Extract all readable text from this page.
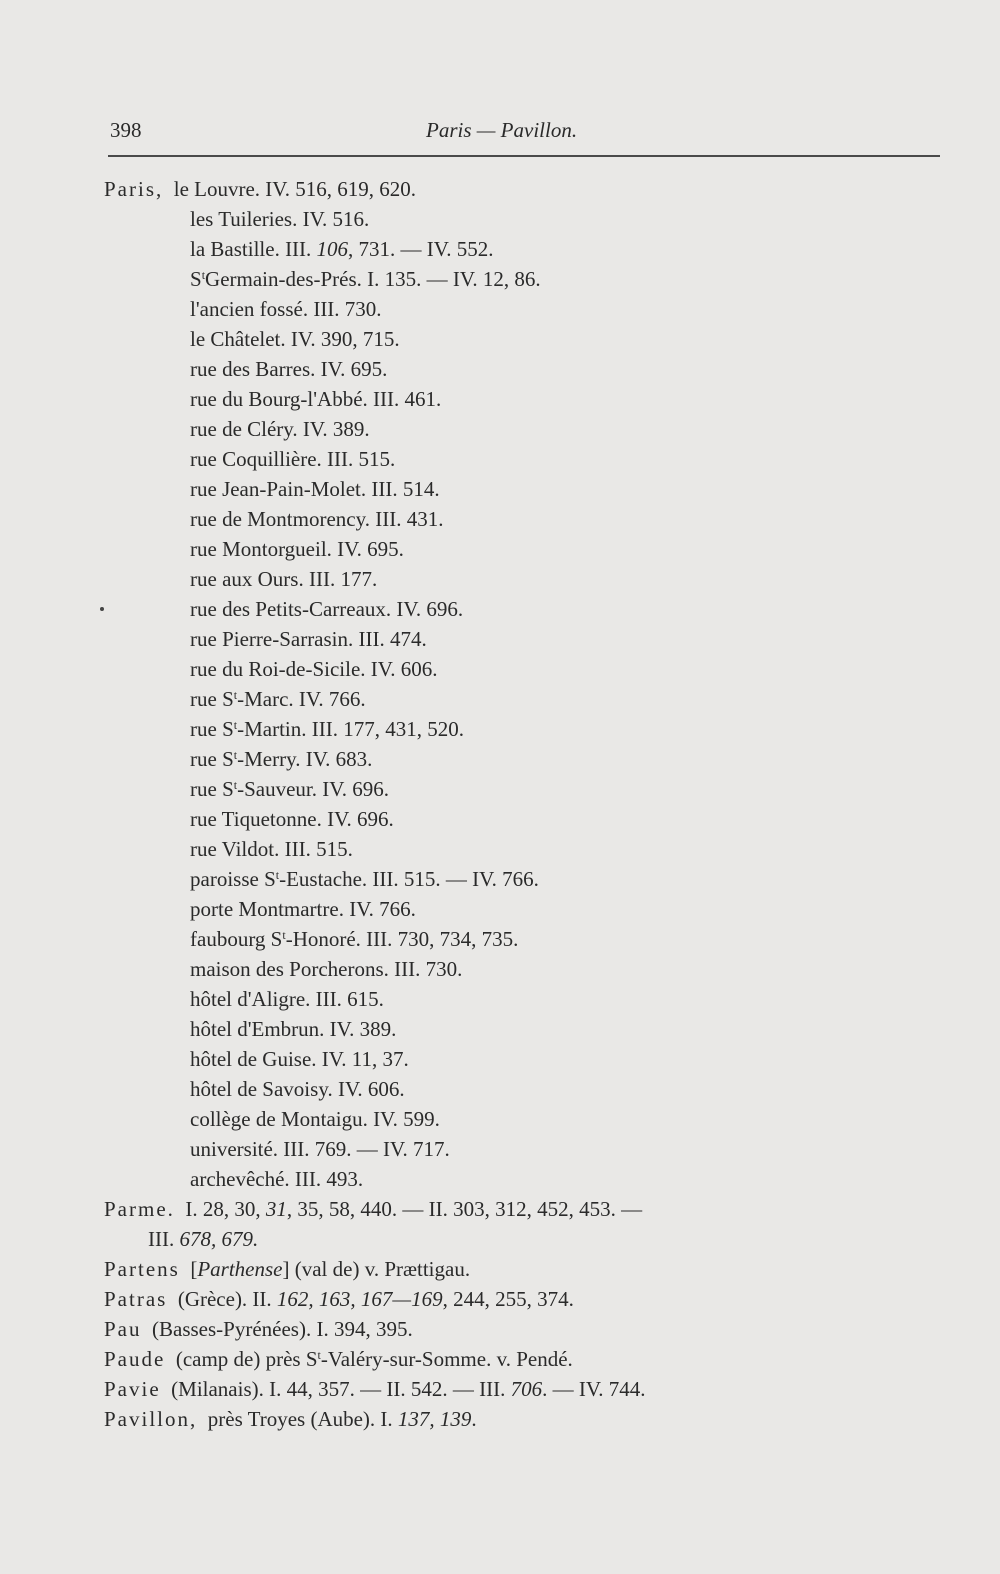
398	Paris — Pavillon.
Paris, le Louvre. IV. 516, 619, 620.
les Tuileries. IV. 516.
la Bastille. III. 106, 731. — IV. 552.
$S^tGermain-des$-Prés. I. 135. — IV. 12, 86.
l'ancien fossé. III. 730.
le Châtelet. IV. 390, 715.
rue des Barres. IV. 695.
rue du Bourg-l'Abbé. III. 461.
rue de Cléry. IV. 389.
rue Coquillière. III. 515.
rue Jean-Pain-Molet. III. 514.
rue de Montmorency. III. 431.
rue Montorgueil. IV. 695.
rue aux Ours. III. 177.
rue des Petits-Carreaux. IV. 696.
rue Pierre-Sarrasin. III. 474.
rue du Roi-de-Sicile. IV. 606.
rue $S^t$-Marc. IV. 766.
rue $S^t$-Martin. III. 177, 431, 520.
rue $S^t$-Merry. IV. 683.
rue $S^t$-Sauveur. IV. 696.
rue Tiquetonne. IV. 696.
rue Vildot. III. 515.
paroisse $S^t$-Eustache. III. 515. — IV. 766.
porte Montmartre. IV. 766.
faubourg $S^t$-Honoré. III. 730, 734, 735.
maison des Porcherons. III. 730.
hôtel d'Aligre. III. 615.
hôtel d'Embrun. IV. 389.
hôtel de Guise. IV. 11, 37.
hôtel de Savoisy. IV. 606.
collège de Montaigu. IV. 599.
université. III. 769. — IV. 717.
archevêché. III. 493.
Parme. I. 28, 30, 31, 35, 58, 440. — II. 303, 312, 452, 453. —
III. 678, 679.
Partens [Parthense] (val de) v. Prættigau.
Patras (Grèce). II. 162, 163, 167—169, 244, 255, 374.
Pau (Basses-Pyrénées). I. 394, 395.
Paude (camp de) près $S^t-Valéry-sur$-Somme. v. Pendé.
Pavie (Milanais). I. 44, 357. — II. 542. — III. 706. — IV. 744.
Pavillon, près Troyes (Aube). I. 137, 139.
